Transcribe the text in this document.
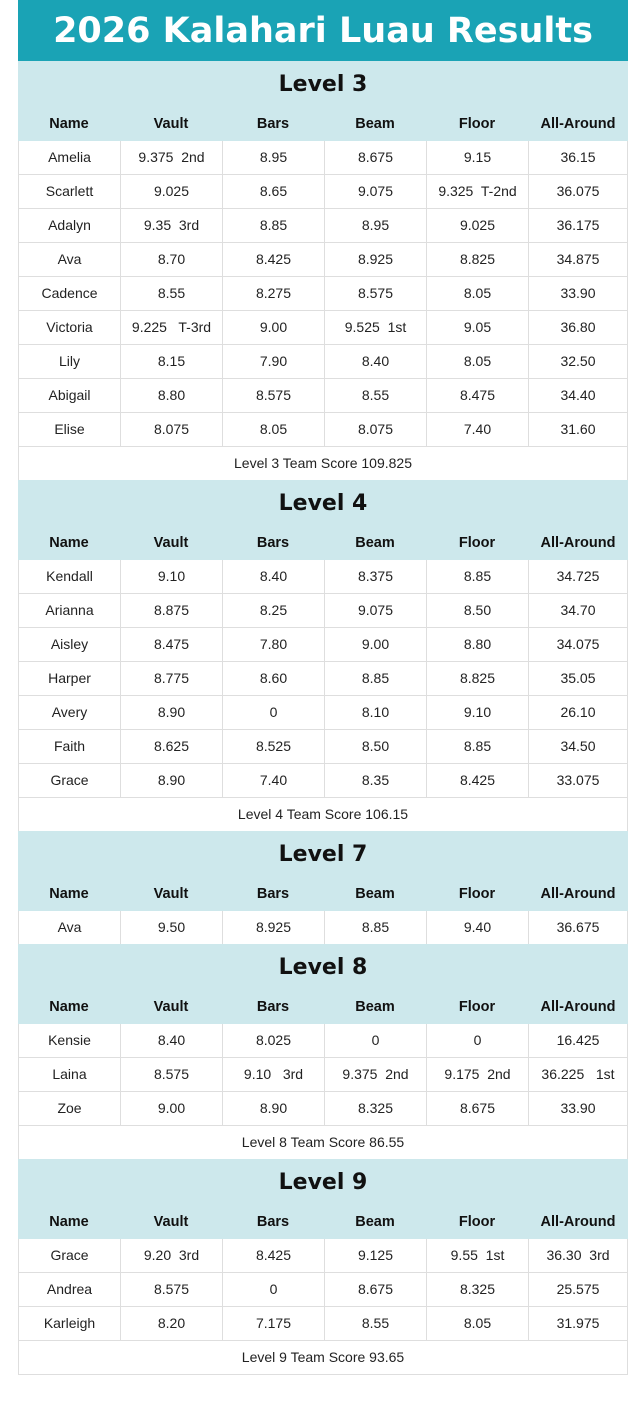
2026 Kalahari Luau Results
Level 3
Name	Vault	Bars	Beam	Floor	All-Around
Amelia	9.375  2nd	8.95	8.675	9.15	36.15
Scarlett	9.025	8.65	9.075	9.325  T-2nd	36.075
Adalyn	9.35  3rd	8.85	8.95	9.025	36.175
Ava	8.70	8.425	8.925	8.825	34.875
Cadence	8.55	8.275	8.575	8.05	33.90
Victoria	9.225   T-3rd	9.00	9.525  1st	9.05	36.80
Lily	8.15	7.90	8.40	8.05	32.50
Abigail	8.80	8.575	8.55	8.475	34.40
Elise	8.075	8.05	8.075	7.40	31.60
Level 3 Team Score 109.825
Level 4
Name	Vault	Bars	Beam	Floor	All-Around
Kendall	9.10	8.40	8.375	8.85	34.725
Arianna	8.875	8.25	9.075	8.50	34.70
Aisley	8.475	7.80	9.00	8.80	34.075
Harper	8.775	8.60	8.85	8.825	35.05
Avery	8.90	0	8.10	9.10	26.10
Faith	8.625	8.525	8.50	8.85	34.50
Grace	8.90	7.40	8.35	8.425	33.075
Level 4 Team Score 106.15
Level 7
Name	Vault	Bars	Beam	Floor	All-Around
Ava	9.50	8.925	8.85	9.40	36.675
Level 8
Name	Vault	Bars	Beam	Floor	All-Around
Kensie	8.40	8.025	0	0	16.425
Laina	8.575	9.10   3rd	9.375  2nd	9.175  2nd	36.225   1st
Zoe	9.00	8.90	8.325	8.675	33.90
Level 8 Team Score 86.55
Level 9
Name	Vault	Bars	Beam	Floor	All-Around
Grace	9.20  3rd	8.425	9.125	9.55  1st	36.30  3rd
Andrea	8.575	0	8.675	8.325	25.575
Karleigh	8.20	7.175	8.55	8.05	31.975
Level 9 Team Score 93.65
